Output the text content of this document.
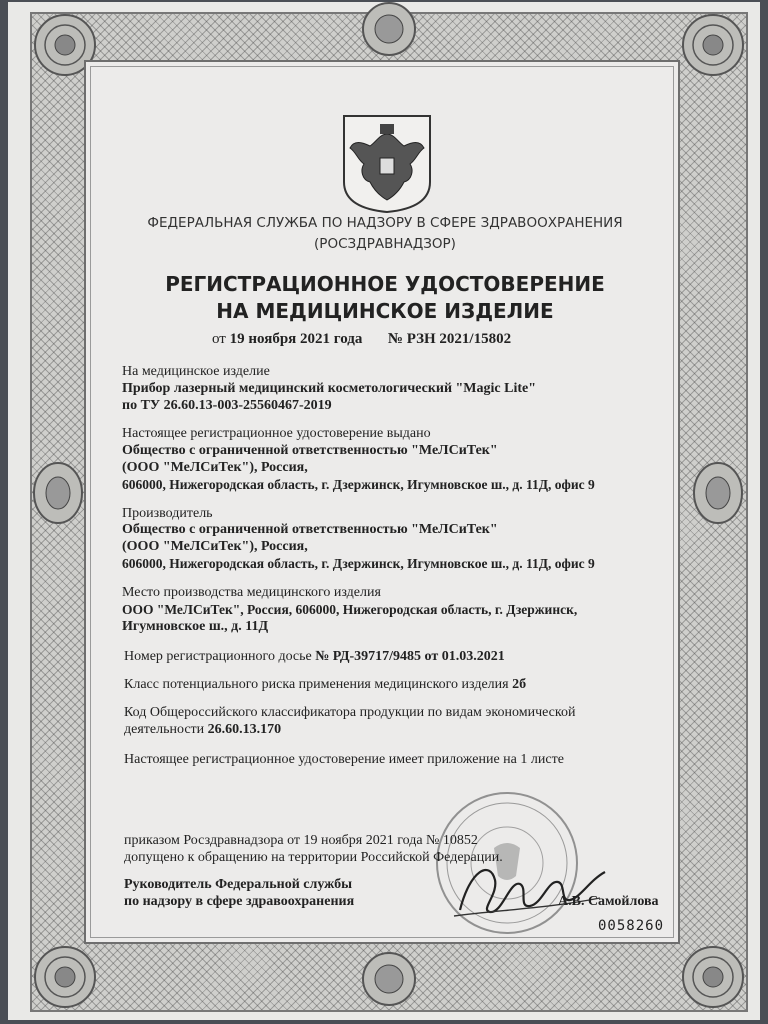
ФЕДЕРАЛЬНАЯ СЛУЖБА ПО НАДЗОРУ В СФЕРЕ ЗДРАВООХРАНЕНИЯ
(РОСЗДРАВНАДЗОР)
РЕГИСТРАЦИОННОЕ УДОСТОВЕРЕНИЕ
НА МЕДИЦИНСКОЕ ИЗДЕЛИЕ
от 19 ноября 2021 года № РЗН 2021/15802
На медицинское изделие
Прибор лазерный медицинский косметологический "Magic Lite"
по ТУ 26.60.13-003-25560467-2019
Настоящее регистрационное удостоверение выдано
Общество с ограниченной ответственностью "МеЛСиТек"
(ООО "МеЛСиТек"), Россия,
606000, Нижегородская область, г. Дзержинск, Игумновское ш., д. 11Д, офис 9
Производитель
Общество с ограниченной ответственностью "МеЛСиТек"
(ООО "МеЛСиТек"), Россия,
606000, Нижегородская область, г. Дзержинск, Игумновское ш., д. 11Д, офис 9
Место производства медицинского изделия
ООО "МеЛСиТек", Россия, 606000, Нижегородская область, г. Дзержинск,
Игумновское ш., д. 11Д
Номер регистрационного досье № РД-39717/9485 от 01.03.2021
Класс потенциального риска применения медицинского изделия 2б
Код Общероссийского классификатора продукции по видам экономической
деятельности 26.60.13.170
Настоящее регистрационное удостоверение имеет приложение на 1 листе
приказом Росздравнадзора от 19 ноября 2021 года № 10852
допущено к обращению на территории Российской Федерации.
Руководитель Федеральной службы
по надзору в сфере здравоохранения	А.В. Самойлова
0058260
